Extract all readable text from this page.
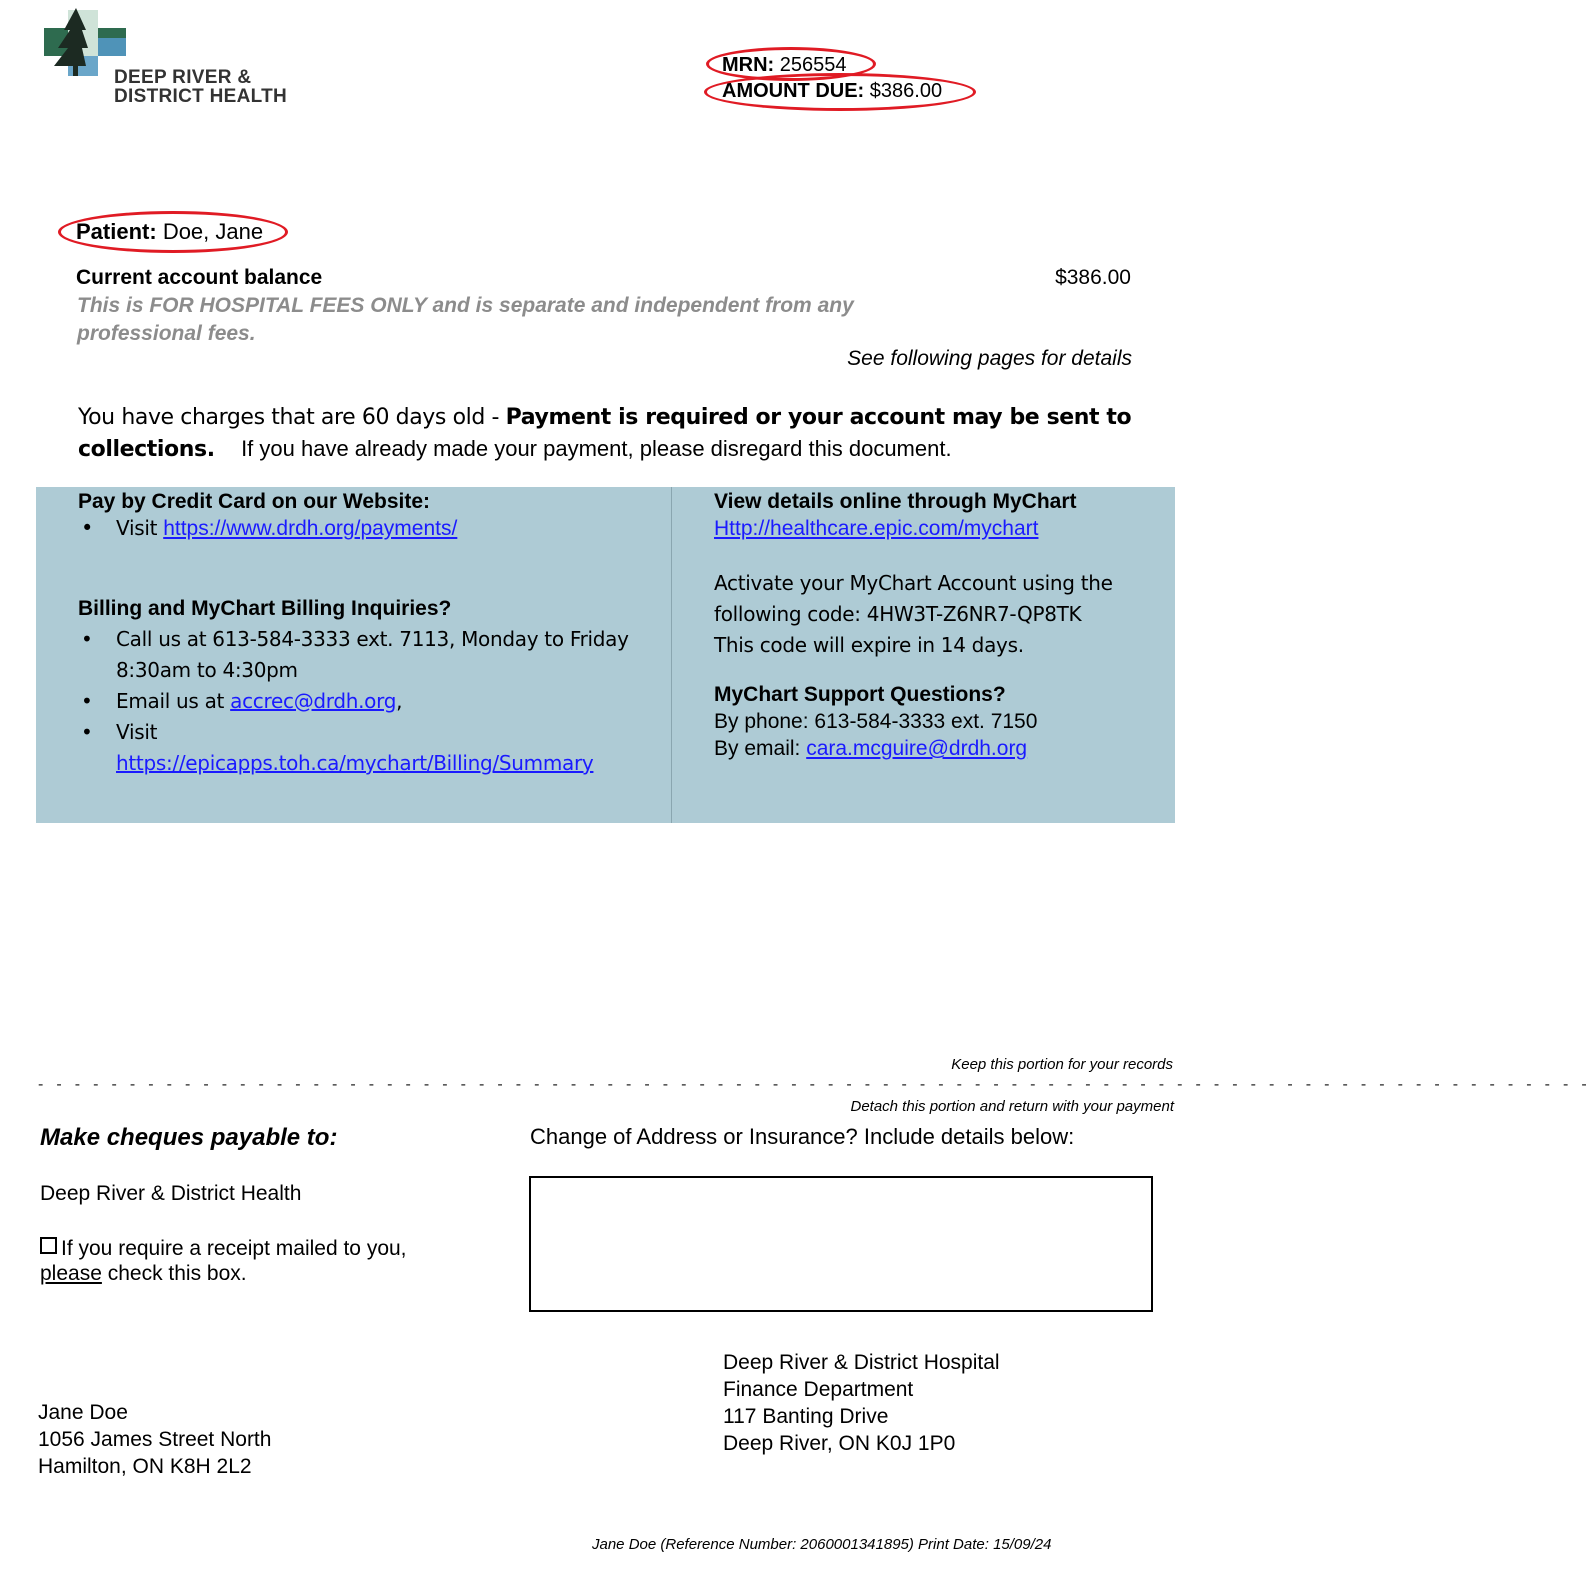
DEEP RIVER &
DISTRICT HEALTH
MRN: 256554
AMOUNT DUE: $386.00
Patient: Doe, Jane
Current account balance	$386.00
This is FOR HOSPITAL FEES ONLY and is separate and independent from any professional fees.
See following pages for details
You have charges that are 60 days old - Payment is required or your account may be sent to collections. If you have already made your payment, please disregard this document.
Pay by Credit Card on our Website:
• Visit https://www.drdh.org/payments/
Billing and MyChart Billing Inquiries?
• Call us at 613-584-3333 ext. 7113, Monday to Friday 8:30am to 4:30pm
• Email us at accrec@drdh.org,
• Visit
https://epicapps.toh.ca/mychart/Billing/Summary
View details online through MyChart
Http://healthcare.epic.com/mychart
Activate your MyChart Account using the following code: 4HW3T-Z6NR7-QP8TK
This code will expire in 14 days.
MyChart Support Questions?
By phone: 613-584-3333 ext. 7150
By email: cara.mcguire@drdh.org
Keep this portion for your records
- - - - - - - - - - - - - - - - - - - - - - - - - - - - - - - - - - - - - - - - - - - - - - - - - - - - - - - - - - - - - - - - - - - - - - - - - - - - - - - - - - - - -
Detach this portion and return with your payment
Make cheques payable to:	Change of Address or Insurance? Include details below:
Deep River & District Health
If you require a receipt mailed to you, please check this box.
Deep River & District Hospital
Finance Department
117 Banting Drive
Deep River, ON K0J 1P0
Jane Doe
1056 James Street North
Hamilton, ON K8H 2L2
Jane Doe (Reference Number: 2060001341895) Print Date: 15/09/24
